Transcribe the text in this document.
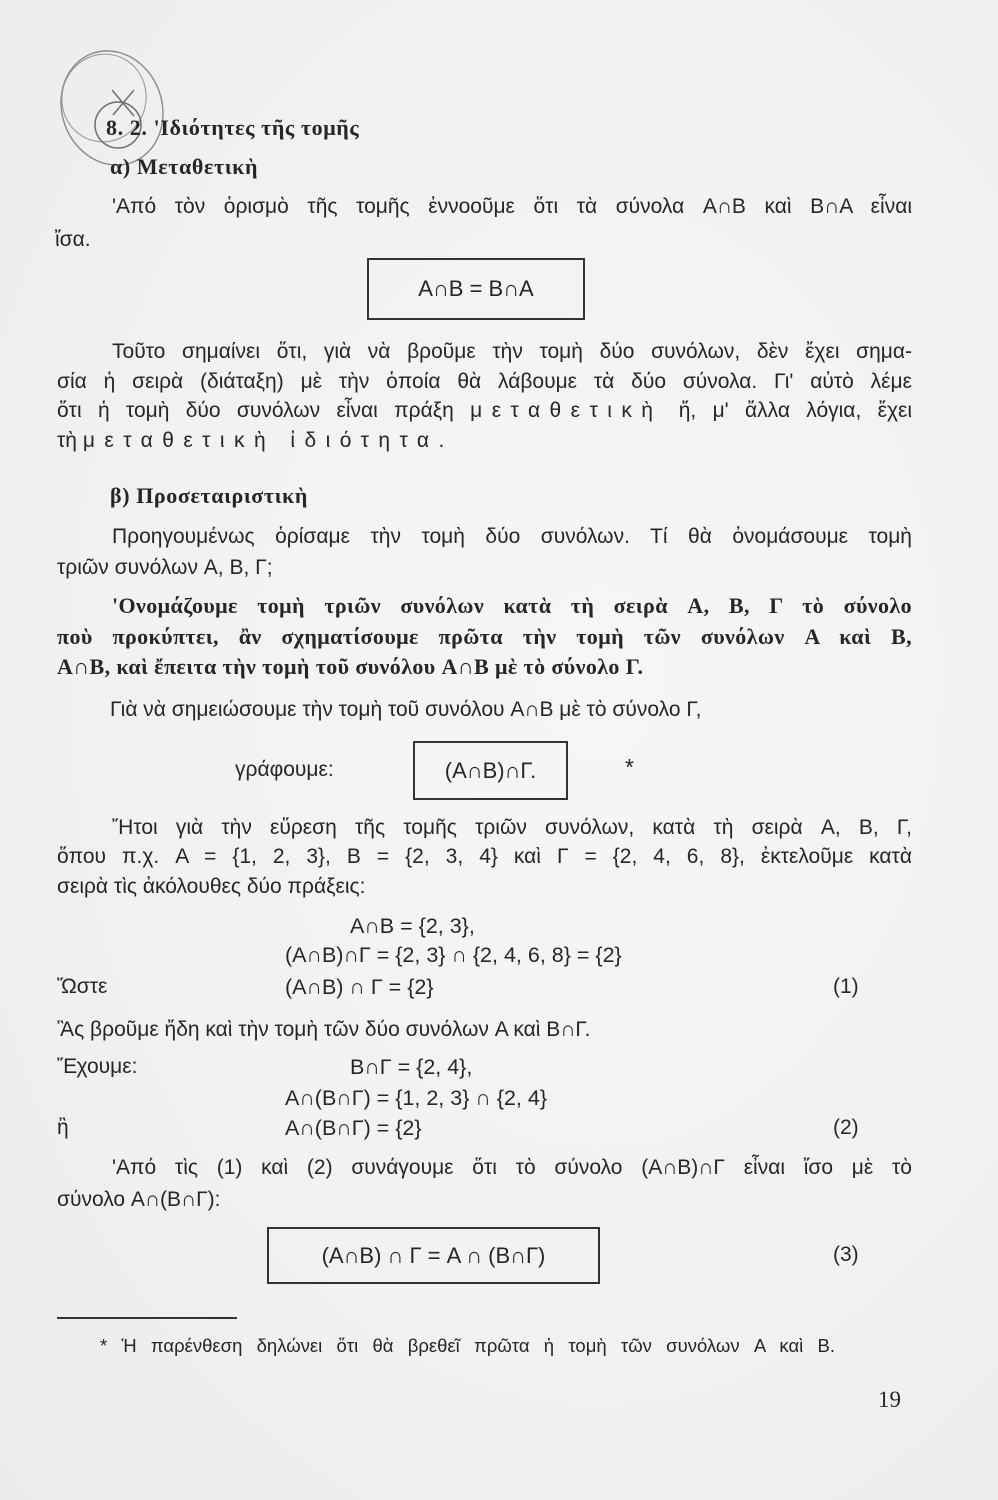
8. 2. 'Ιδιότητες τῆς τομῆς
α) Μεταθετικὴ
'Από τὸν ὁρισμὸ τῆς τομῆς ἐννοοῦμε ὅτι τὰ σύνολα A∩B καὶ B∩A εἶναι
ἴσα.
A∩B = B∩A
Τοῦτο σημαίνει ὅτι, γιὰ νὰ βροῦμε τὴν τομὴ δύο συνόλων, δὲν ἔχει σημα-
σία ἡ σειρὰ (διάταξη) μὲ τὴν ὁποία θὰ λάβουμε τὰ δύο σύνολα. Γι' αὐτὸ λέμε
ὅτι ἡ τομὴ δύο συνόλων εἶναι πράξη μεταθετικὴ ἤ, μ' ἄλλα λόγια, ἔχει
τὴ μεταθετικὴ ἰδιότητα.
β) Προσεταιριστικὴ
Προηγουμένως ὁρίσαμε τὴν τομὴ δύο συνόλων. Τί θὰ ὀνομάσουμε τομὴ
τριῶν συνόλων A, B, Γ;
'Ονομάζουμε τομὴ τριῶν συνόλων κατὰ τὴ σειρὰ A, B, Γ τὸ σύνολο
ποὺ προκύπτει, ἂν σχηματίσουμε πρῶτα τὴν τομὴ τῶν συνόλων A καὶ B,
A∩B, καὶ ἔπειτα τὴν τομὴ τοῦ συνόλου A∩B μὲ τὸ σύνολο Γ.
Γιὰ νὰ σημειώσουμε τὴν τομὴ τοῦ συνόλου A∩B μὲ τὸ σύνολο Γ,
γράφουμε:	(A∩B)∩Γ.	*
Ἤτοι γιὰ τὴν εὕρεση τῆς τομῆς τριῶν συνόλων, κατὰ τὴ σειρὰ A, B, Γ,
ὅπου π.χ. A = {1, 2, 3}, B = {2, 3, 4} καὶ Γ = {2, 4, 6, 8}, ἐκτελοῦμε κατὰ
σειρὰ τὶς ἀκόλουθες δύο πράξεις:
A∩B = {2, 3},
(A∩B)∩Γ = {2, 3} ∩ {2, 4, 6, 8} = {2}
Ὥστε	(A∩B) ∩ Γ = {2}	(1)
Ἂς βροῦμε ἤδη καὶ τὴν τομὴ τῶν δύο συνόλων A καὶ B∩Γ.
Ἔχουμε:	B∩Γ = {2, 4},
A∩(B∩Γ) = {1, 2, 3} ∩ {2, 4}
ἢ	A∩(B∩Γ) = {2}	(2)
'Από τὶς (1) καὶ (2) συνάγουμε ὅτι τὸ σύνολο (A∩B)∩Γ εἶναι ἴσο μὲ τὸ
σύνολο A∩(B∩Γ):
(A∩B) ∩ Γ = A ∩ (B∩Γ)	(3)
* Ἡ παρένθεση δηλώνει ὅτι θὰ βρεθεῖ πρῶτα ἡ τομὴ τῶν συνόλων A καὶ B.
19
